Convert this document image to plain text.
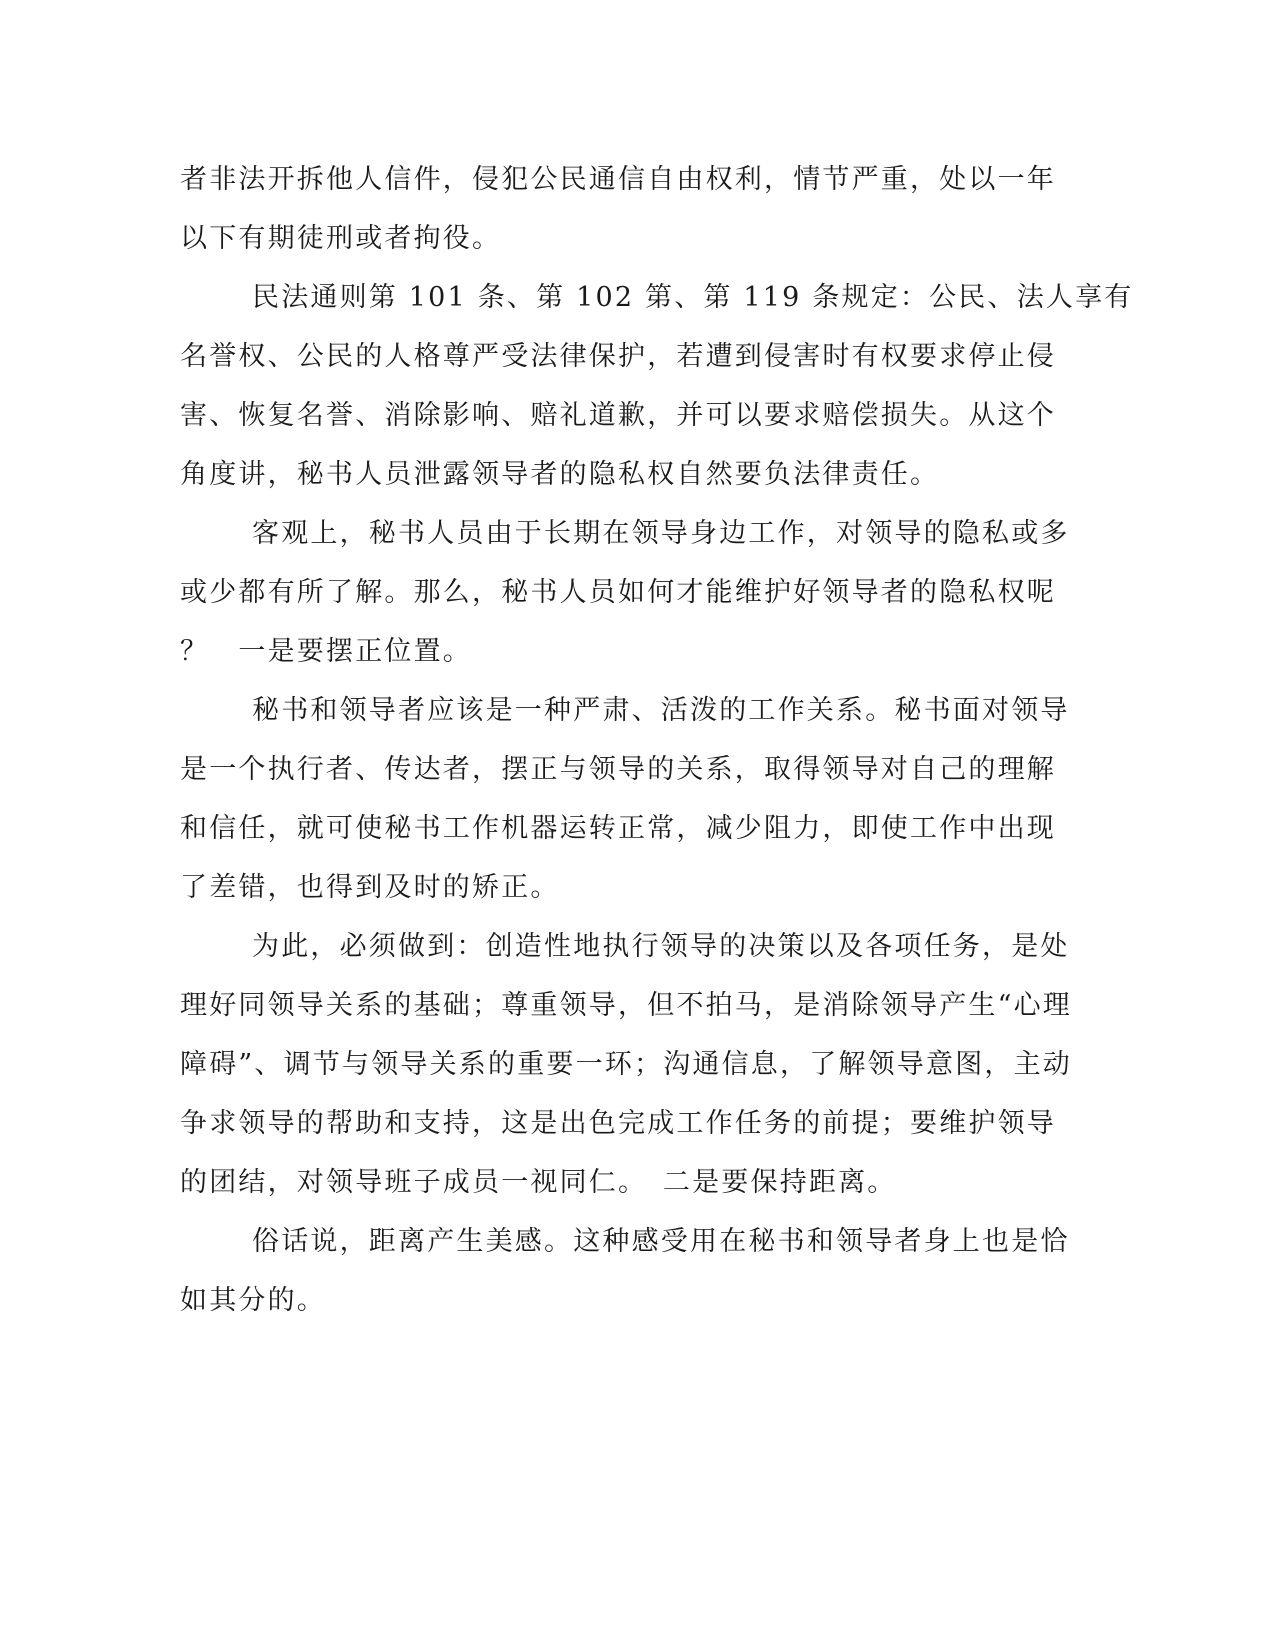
者非法开拆他人信件，侵犯公民通信自由权利，情节严重，处以一年
以下有期徒刑或者拘役。
民法通则第 101 条、第 102 第、第 119 条规定：公民、法人享有
名誉权、公民的人格尊严受法律保护，若遭到侵害时有权要求停止侵
害、恢复名誉、消除影响、赔礼道歉，并可以要求赔偿损失。从这个
角度讲，秘书人员泄露领导者的隐私权自然要负法律责任。
客观上，秘书人员由于长期在领导身边工作，对领导的隐私或多
或少都有所了解。那么，秘书人员如何才能维护好领导者的隐私权呢
？　一是要摆正位置。
秘书和领导者应该是一种严肃、活泼的工作关系。秘书面对领导
是一个执行者、传达者，摆正与领导的关系，取得领导对自己的理解
和信任，就可使秘书工作机器运转正常，减少阻力，即使工作中出现
了差错，也得到及时的矫正。
为此，必须做到：创造性地执行领导的决策以及各项任务，是处
理好同领导关系的基础；尊重领导，但不拍马，是消除领导产生“心理
障碍”、调节与领导关系的重要一环；沟通信息，了解领导意图，主动
争求领导的帮助和支持，这是出色完成工作任务的前提；要维护领导
的团结，对领导班子成员一视同仁。　二是要保持距离。
俗话说，距离产生美感。这种感受用在秘书和领导者身上也是恰
如其分的。
